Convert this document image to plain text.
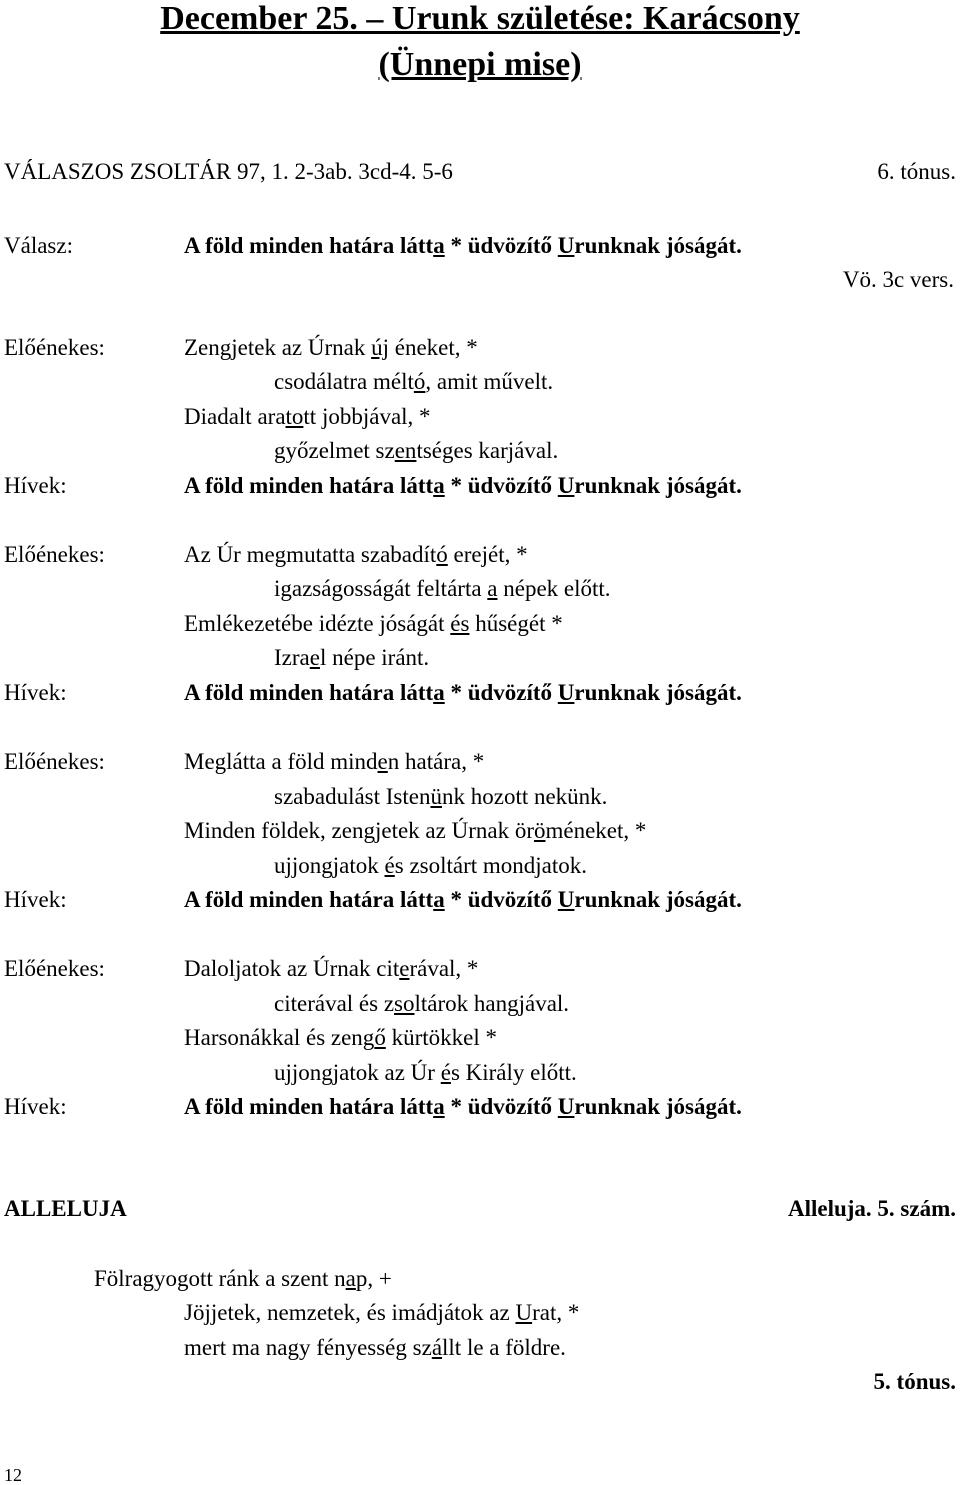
December 25. – Urunk születése: Karácsony
(Ünnepi mise)
VÁLASZOS ZSOLTÁR 97, 1. 2-3ab. 3cd-4. 5-6	6. tónus.
Válasz:	A föld minden határa látta * üdvözítő Urunknak jóságát.
Vö. 3c vers.
Előénekes:	Zengjetek az Úrnak új éneket, *
csodálatra méltó, amit művelt.
Diadalt aratott jobbjával, *
győzelmet szentséges karjával.
Hívek:	A föld minden határa látta * üdvözítő Urunknak jóságát.
Előénekes:	Az Úr megmutatta szabadító erejét, *
igazságosságát feltárta a népek előtt.
Emlékezetébe idézte jóságát és hűségét *
Izrael népe iránt.
Hívek:	A föld minden határa látta * üdvözítő Urunknak jóságát.
Előénekes:	Meglátta a föld minden határa, *
szabadulást Istenünk hozott nekünk.
Minden földek, zengjetek az Úrnak öröméneket, *
ujjongjatok és zsoltárt mondjatok.
Hívek:	A föld minden határa látta * üdvözítő Urunknak jóságát.
Előénekes:	Daloljatok az Úrnak citerával, *
citerával és zsoltárok hangjával.
Harsonákkal és zengő kürtökkel *
ujjongjatok az Úr és Király előtt.
Hívek:	A föld minden határa látta * üdvözítő Urunknak jóságát.
ALLELUJA	Alleluja. 5. szám.
Fölragyogott ránk a szent nap, +
Jöjjetek, nemzetek, és imádjátok az Urat, *
mert ma nagy fényesség szállt le a földre.
5. tónus.
12
